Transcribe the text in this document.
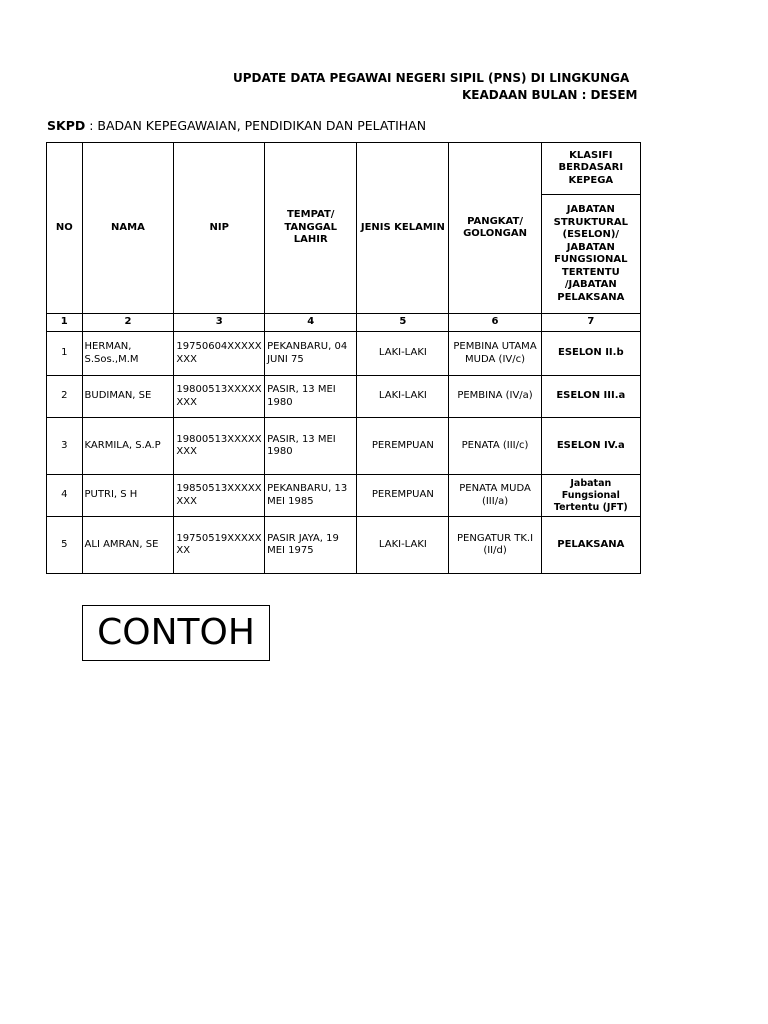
UPDATE DATA PEGAWAI NEGERI SIPIL (PNS) DI LINGKUNGA
KEADAAN BULAN : DESEM
SKPD : BADAN KEPEGAWAIAN, PENDIDIKAN DAN PELATIHAN
NO	NAMA	NIP	TEMPAT/ TANGGAL LAHIR	JENIS KELAMIN	PANGKAT/ GOLONGAN	KLASIFI BERDASARI KEPEGA
						JABATAN STRUKTURAL (ESELON)/ JABATAN FUNGSIONAL TERTENTU /JABATAN PELAKSANA
1	2	3	4	5	6	7
1	HERMAN, S.Sos.,M.M	19750604XXXXXXXX	PEKANBARU, 04 JUNI 75	LAKI-LAKI	PEMBINA UTAMA MUDA (IV/c)	ESELON II.b
2	BUDIMAN, SE	19800513XXXXXXXX	PASIR, 13 MEI 1980	LAKI-LAKI	PEMBINA (IV/a)	ESELON III.a
3	KARMILA, S.A.P	19800513XXXXXXXX	PASIR, 13 MEI 1980	PEREMPUAN	PENATA (III/c)	ESELON IV.a
4	PUTRI, S H	19850513XXXXXXXX	PEKANBARU, 13 MEI 1985	PEREMPUAN	PENATA MUDA (III/a)	Jabatan Fungsional Tertentu (JFT)
5	ALI AMRAN, SE	19750519XXXXXXX	PASIR JAYA, 19 MEI 1975	LAKI-LAKI	PENGATUR TK.I (II/d)	PELAKSANA
CONTOH
